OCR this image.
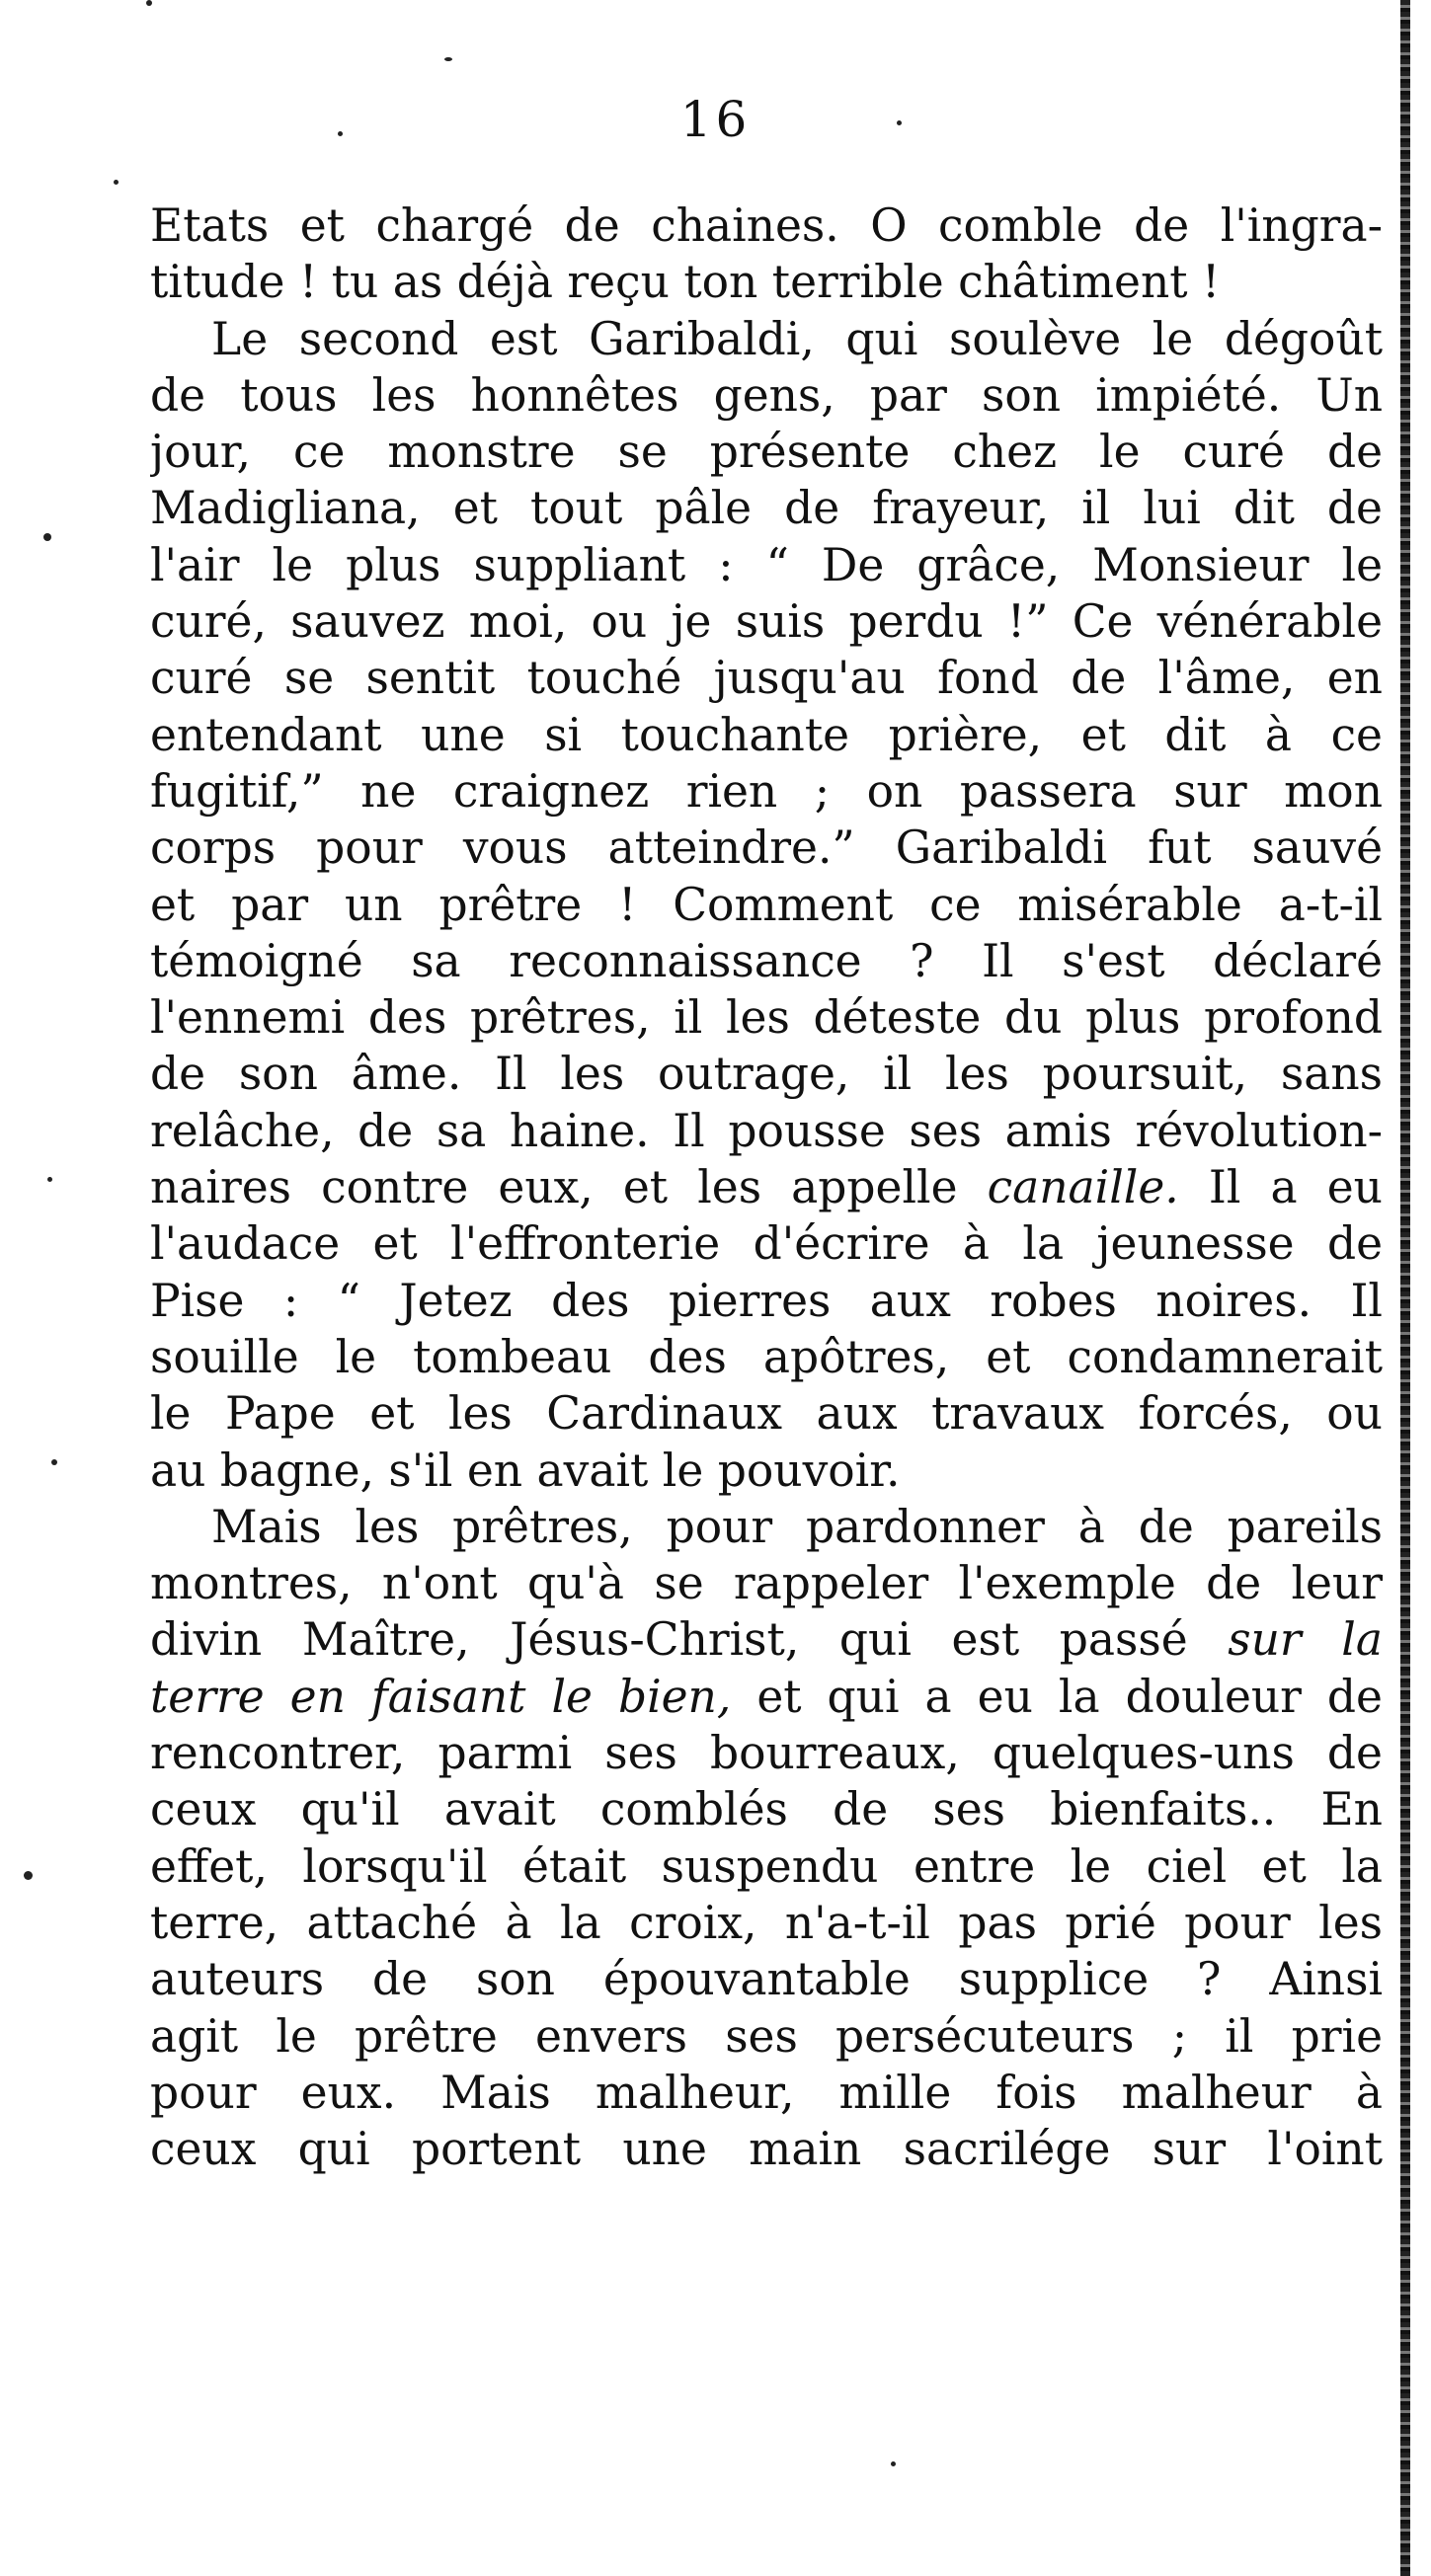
16
Etats et chargé de chaines. O comble de l'ingra-
titude ! tu as déjà reçu ton terrible châtiment !
Le second est Garibaldi, qui soulève le dégoût
de tous les honnêtes gens, par son impiété. Un
jour, ce monstre se présente chez le curé de
Madigliana, et tout pâle de frayeur, il lui dit de
l'air le plus suppliant : “ De grâce, Monsieur le
curé, sauvez moi, ou je suis perdu !” Ce vénérable
curé se sentit touché jusqu'au fond de l'âme, en
entendant une si touchante prière, et dit à ce
fugitif,” ne craignez rien ; on passera sur mon
corps pour vous atteindre.” Garibaldi fut sauvé
et par un prêtre ! Comment ce misérable a-t-il
témoigné sa reconnaissance ? Il s'est déclaré
l'ennemi des prêtres, il les déteste du plus profond
de son âme. Il les outrage, il les poursuit, sans
relâche, de sa haine. Il pousse ses amis révolution-
naires contre eux, et les appelle canaille. Il a eu
l'audace et l'effronterie d'écrire à la jeunesse de
Pise : “ Jetez des pierres aux robes noires. Il
souille le tombeau des apôtres, et condamnerait
le Pape et les Cardinaux aux travaux forcés, ou
au bagne, s'il en avait le pouvoir.
Mais les prêtres, pour pardonner à de pareils
montres, n'ont qu'à se rappeler l'exemple de leur
divin Maître, Jésus-Christ, qui est passé sur la
terre en faisant le bien, et qui a eu la douleur de
rencontrer, parmi ses bourreaux, quelques-uns de
ceux qu'il avait comblés de ses bienfaits.. En
effet, lorsqu'il était suspendu entre le ciel et la
terre, attaché à la croix, n'a-t-il pas prié pour les
auteurs de son épouvantable supplice ? Ainsi
agit le prêtre envers ses persécuteurs ; il prie
pour eux. Mais malheur, mille fois malheur à
ceux qui portent une main sacrilége sur l'oint
